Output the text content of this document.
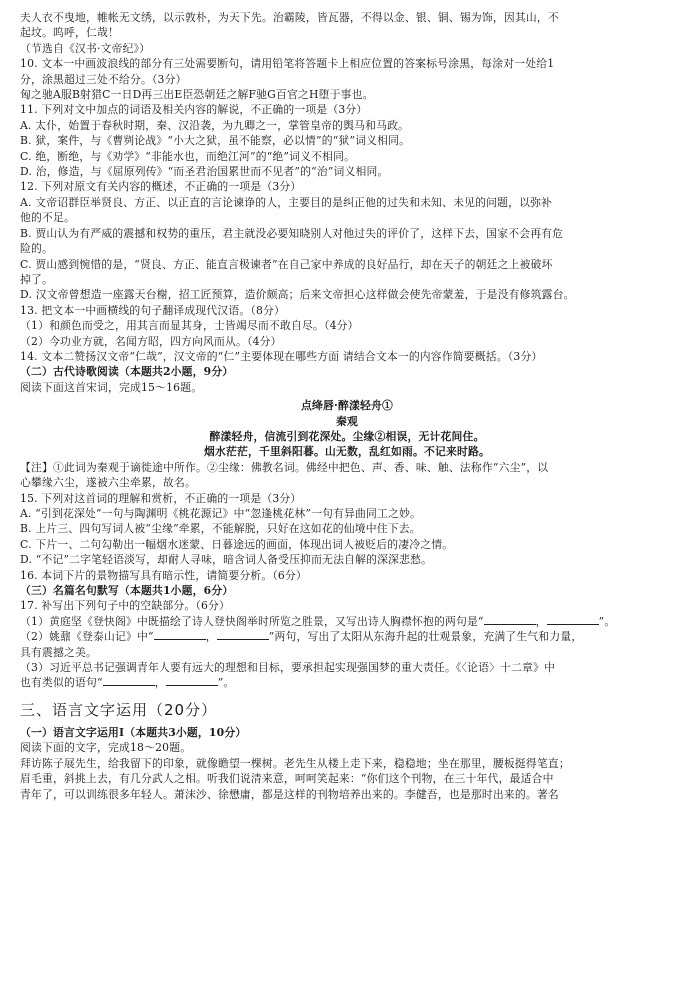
夫人衣不曳地，帷帐无文绣，以示敦朴，为天下先。治霸陵，皆瓦器，不得以金、银、铜、锡为饰，因其山，不

起坟。呜呼，仁哉！

（节选自《汉书·文帝纪》）

10. 文本一中画波浪线的部分有三处需要断句，请用铅笔将答题卡上相应位置的答案标号涂黑，每涂对一处给1

分，涂黑超过三处不给分。（3分）

匈之驰A服B射猎C一日D再三出E臣恐朝廷之解F驰G百官之H堕于事也。

11. 下列对文中加点的词语及相关内容的解说，不正确的一项是（3分）

A. 太仆，始置于春秋时期，秦、汉沿袭，为九卿之一，掌管皇帝的舆马和马政。

B. 狱，案件，与《曹刿论战》“小大之狱，虽不能察，必以情”的“狱”词义相同。

C. 绝，断绝，与《劝学》“非能水也，而绝江河”的“绝”词义不相同。

D. 治，修造，与《屈原列传》“而圣君治国累世而不见者”的“治”词义相同。

12. 下列对原文有关内容的概述，不正确的一项是（3分）

A. 文帝诏群臣举贤良、方正、以正直的言论谏诤的人，主要目的是纠正他的过失和未知、未见的问题，以弥补

他的不足。

B. 贾山认为有严威的震撼和权势的重压，君主就没必要知晓别人对他过失的评价了，这样下去，国家不会再有危

险的。

C. 贾山感到惋惜的是，“贤良、方正、能直言极谏者”在自己家中养成的良好品行，却在天子的朝廷之上被破坏

掉了。

D. 汉文帝曾想造一座露天台榭，招工匠预算，造价颇高；后来文帝担心这样做会使先帝蒙羞，于是没有修筑露台。

13. 把文本一中画横线的句子翻译成现代汉语。（8分）

（1）和颜色而受之，用其言而显其身，士皆竭尽而不敢自尽。（4分）

（2）今功业方就，名闻方昭，四方向风而从。（4分）

14. 文本二赞扬汉文帝“仁哉”，汉文帝的“仁”主要体现在哪些方面 请结合文本一的内容作简要概括。（3分）

（二）古代诗歌阅读（本题共2小题，9分）

阅读下面这首宋词，完成15～16题。

点绛唇·醉漾轻舟①

秦观

醉漾轻舟，信流引到花深处。尘缘②相误，无计花间住。

烟水茫茫，千里斜阳暮。山无数，乱红如雨。不记来时路。

【注】①此词为秦观于谪徙途中所作。②尘缘：佛教名词。佛经中把色、声、香、味、触、法称作“六尘”，以

心攀缘六尘，遂被六尘牵累，故名。

15. 下列对这首词的理解和赏析，不正确的一项是（3分）

A. “引到花深处”一句与陶渊明《桃花源记》中“忽逢桃花林”一句有异曲同工之妙。

B. 上片三、四句写词人被“尘缘”牵累，不能解脱，只好在这如花的仙境中住下去。

C. 下片一、二句勾勒出一幅烟水迷蒙、日暮途远的画面，体现出词人被贬后的凄冷之情。

D. “不记”二字笔轻语淡写，却耐人寻味，暗含词人备受压抑而无法自解的深深悲愁。

16. 本词下片的景物描写具有暗示性，请简要分析。（6分）

（三）名篇名句默写（本题共1小题，6分）

17. 补写出下列句子中的空缺部分。（6分）

（1）黄庭坚《登快阁》中既描绘了诗人登快阁举时所览之胜景，又写出诗人胸襟怀抱的两句是“	，	”。

（2）姚鼐《登泰山记》中“	，	”两句，写出了太阳从东海升起的壮观景象，充满了生气和力量，

具有震撼之美。

（3）习近平总书记强调青年人要有远大的理想和目标，要承担起实现强国梦的重大责任。《〈论语〉十二章》中

也有类似的语句“	，	”。

三、语言文字运用（20分）

（一）语言文字运用Ⅰ（本题共3小题，10分）

阅读下面的文字，完成18～20题。

拜访陈子展先生，给我留下的印象，就像瞻望一棵树。老先生从楼上走下来，稳稳地；坐在那里，腰板挺得笔直；

眉毛重，斜挑上去，有几分武人之相。听我们说清来意，呵呵笑起来：“你们这个刊物，在三十年代，最适合中

青年了，可以训练很多年轻人。萧沫沙、徐懋庸，都是这样的刊物培养出来的。李健吾，也是那时出来的。著名
